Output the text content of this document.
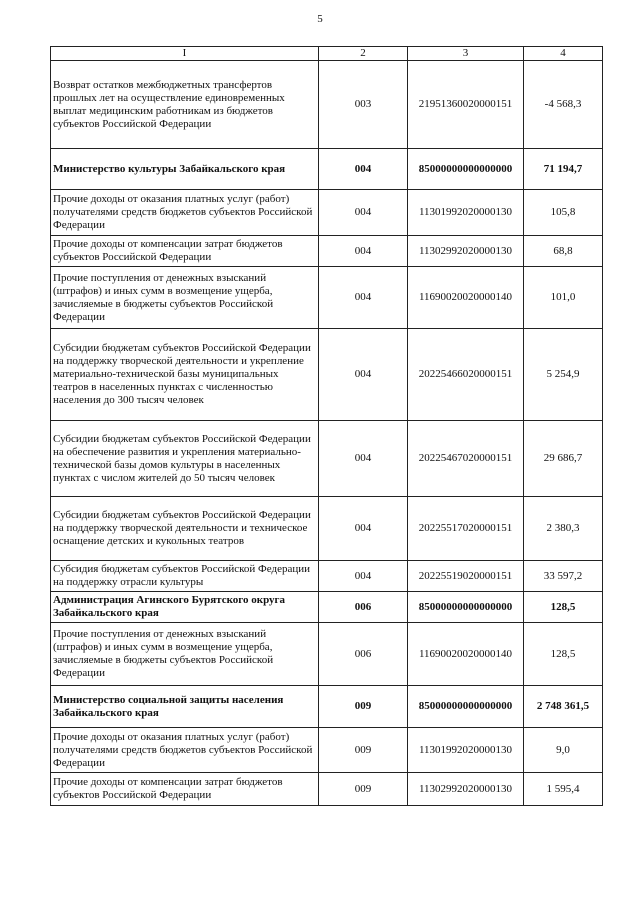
5
I	2	3	4
Возврат остатков межбюджетных трансфертов прошлых лет на осуществление единовременных выплат медицинским работникам из бюджетов субъектов Российской Федерации	003	21951360020000151	-4 568,3
Министерство культуры Забайкальского края	004	85000000000000000	71 194,7
Прочие доходы от оказания платных услуг (работ) получателями средств бюджетов субъектов Российской Федерации	004	11301992020000130	105,8
Прочие доходы от компенсации затрат бюджетов субъектов Российской Федерации	004	11302992020000130	68,8
Прочие поступления от денежных взысканий (штрафов) и иных сумм в возмещение ущерба, зачисляемые в бюджеты субъектов Российской Федерации	004	11690020020000140	101,0
Субсидии бюджетам субъектов Российской Федерации на поддержку творческой деятельности и укрепление материально-технической базы муниципальных театров в населенных пунктах с численностью населения до 300 тысяч человек	004	20225466020000151	5 254,9
Субсидии бюджетам субъектов Российской Федерации на обеспечение развития и укрепления материально-технической базы домов культуры в населенных пунктах с числом жителей до 50 тысяч человек	004	20225467020000151	29 686,7
Субсидии бюджетам субъектов Российской Федерации на поддержку творческой деятельности и техническое оснащение детских и кукольных театров	004	20225517020000151	2 380,3
Субсидия бюджетам субъектов Российской Федерации на поддержку отрасли культуры	004	20225519020000151	33 597,2
Администрация Агинского Бурятского округа Забайкальского края	006	85000000000000000	128,5
Прочие поступления от денежных взысканий (штрафов) и иных сумм в возмещение ущерба, зачисляемые в бюджеты субъектов Российской Федерации	006	11690020020000140	128,5
Министерство социальной защиты населения Забайкальского края	009	85000000000000000	2 748 361,5
Прочие доходы от оказания платных услуг (работ) получателями средств бюджетов субъектов Российской Федерации	009	11301992020000130	9,0
Прочие доходы от компенсации затрат бюджетов субъектов Российской Федерации	009	11302992020000130	1 595,4
